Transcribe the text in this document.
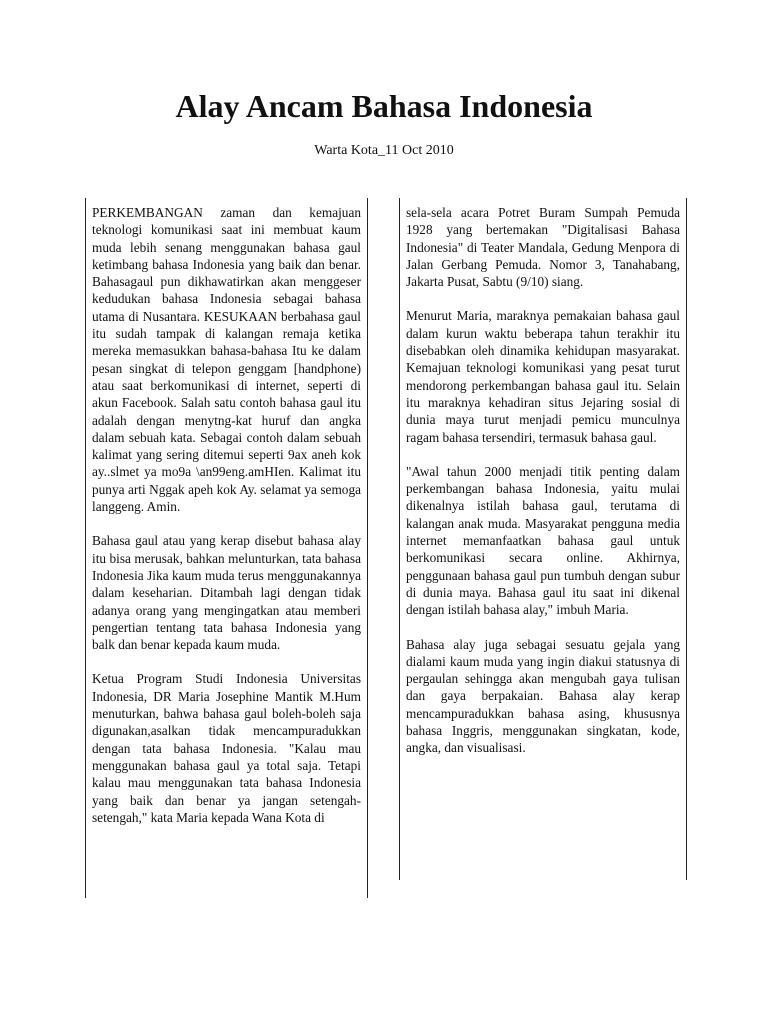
Alay Ancam Bahasa Indonesia
Warta Kota_11 Oct 2010

PERKEMBANGAN zaman dan kemajuan teknologi komunikasi saat ini membuat kaum muda lebih senang menggunakan bahasa gaul ketimbang bahasa Indonesia yang baik dan benar. Bahasagaul pun dikhawatirkan akan menggeser kedudukan bahasa Indonesia sebagai bahasa utama di Nusantara. KESUKAAN berbahasa gaul itu sudah tampak di kalangan remaja ketika mereka memasukkan bahasa-bahasa Itu ke dalam pesan singkat di telepon genggam [handphone) atau saat berkomunikasi di internet, seperti di akun Facebook. Salah satu contoh bahasa gaul itu adalah dengan menytng-kat huruf dan angka dalam sebuah kata. Sebagai contoh dalam sebuah kalimat yang sering ditemui seperti 9ax aneh kok ay..slmet ya mo9a \an99eng.amHIen. Kalimat itu punya arti Nggak apeh kok Ay. selamat ya semoga langgeng. Amin.

Bahasa gaul atau yang kerap disebut bahasa alay itu bisa merusak, bahkan melunturkan, tata bahasa Indonesia Jika kaum muda terus menggunakannya dalam keseharian. Ditambah lagi dengan tidak adanya orang yang mengingatkan atau memberi pengertian tentang tata bahasa Indonesia yang balk dan benar kepada kaum muda.

Ketua Program Studi Indonesia Universitas Indonesia, DR Maria Josephine Mantik M.Hum menuturkan, bahwa bahasa gaul boleh-boleh saja digunakan,asalkan tidak mencampuradukkan dengan tata bahasa Indonesia. "Kalau mau menggunakan bahasa gaul ya total saja. Tetapi kalau mau menggunakan tata bahasa Indonesia yang baik dan benar ya jangan setengah-setengah," kata Maria kepada Wana Kota di

sela-sela acara Potret Buram Sumpah Pemuda 1928 yang bertemakan "Digitalisasi Bahasa Indonesia" di Teater Mandala, Gedung Menpora di Jalan Gerbang Pemuda. Nomor 3, Tanahabang, Jakarta Pusat, Sabtu (9/10) siang.

Menurut Maria, maraknya pemakaian bahasa gaul dalam kurun waktu beberapa tahun terakhir itu disebabkan oleh dinamika kehidupan masyarakat. Kemajuan teknologi komunikasi yang pesat turut mendorong perkembangan bahasa gaul itu. Selain itu maraknya kehadiran situs Jejaring sosial di dunia maya turut menjadi pemicu munculnya ragam bahasa tersendiri, termasuk bahasa gaul.

"Awal tahun 2000 menjadi titik penting dalam perkembangan bahasa Indonesia, yaitu mulai dikenalnya istilah bahasa gaul, terutama di kalangan anak muda. Masyarakat pengguna media internet memanfaatkan bahasa gaul untuk berkomunikasi secara online. Akhirnya, penggunaan bahasa gaul pun tumbuh dengan subur di dunia maya. Bahasa gaul itu saat ini dikenal dengan istilah bahasa alay," imbuh Maria.

Bahasa alay juga sebagai sesuatu gejala yang dialami kaum muda yang ingin diakui statusnya di pergaulan sehingga akan mengubah gaya tulisan dan gaya berpakaian. Bahasa alay kerap mencampuradukkan bahasa asing, khususnya bahasa Inggris, menggunakan singkatan, kode, angka, dan visualisasi.
